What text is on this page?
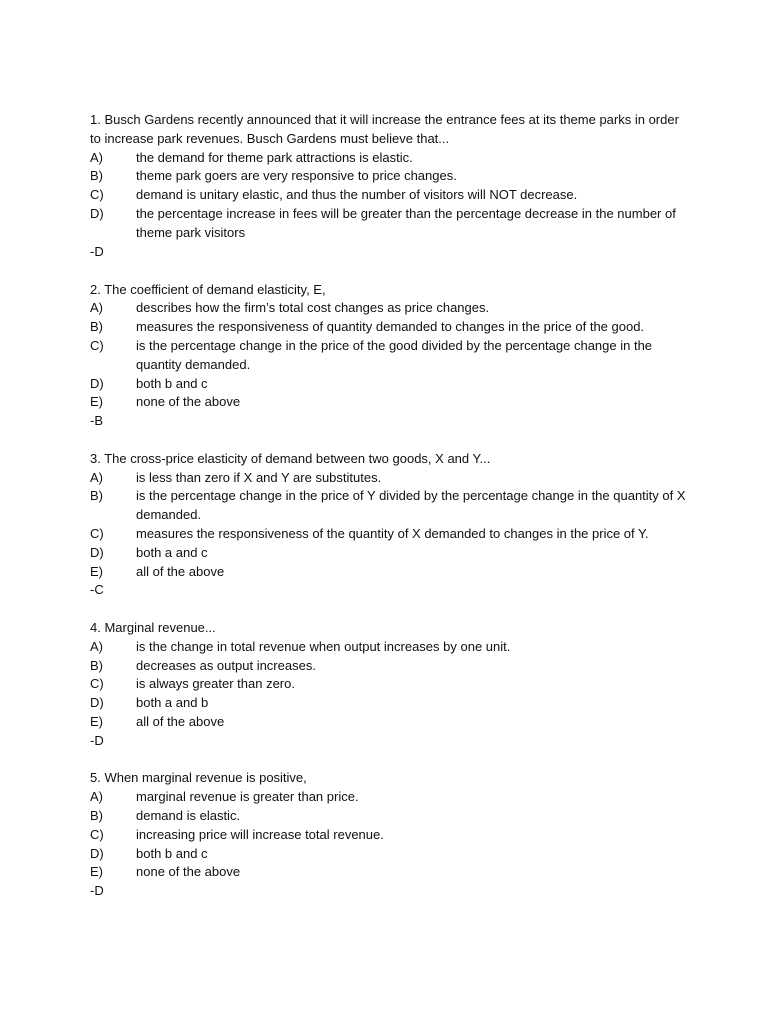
1. Busch Gardens recently announced that it will increase the entrance fees at its theme parks in order to increase park revenues. Busch Gardens must believe that...
A)	the demand for theme park attractions is elastic.
B)	theme park goers are very responsive to price changes.
C)	demand is unitary elastic, and thus the number of visitors will NOT decrease.
D)	the percentage increase in fees will be greater than the percentage decrease in the number of theme park visitors
-D
2. The coefficient of demand elasticity, E,
A)	describes how the firm’s total cost changes as price changes.
B)	measures the responsiveness of quantity demanded to changes in the price of the good.
C)	is the percentage change in the price of the good divided by the percentage change in the quantity demanded.
D)	both b and c
E)	none of the above
-B
3. The cross-price elasticity of demand between two goods, X and Y...
A)	is less than zero if X and Y are substitutes.
B)	is the percentage change in the price of Y divided by the percentage change in the quantity of X demanded.
C)	measures the responsiveness of the quantity of X demanded to changes in the price of Y.
D)	both a and c
E)	all of the above
-C
4. Marginal revenue...
A)	is the change in total revenue when output increases by one unit.
B)	decreases as output increases.
C)	is always greater than zero.
D)	both a and b
E)	all of the above
-D
5. When marginal revenue is positive,
A)	marginal revenue is greater than price.
B)	demand is elastic.
C)	increasing price will increase total revenue.
D)	both b and c
E)	none of the above
-D
